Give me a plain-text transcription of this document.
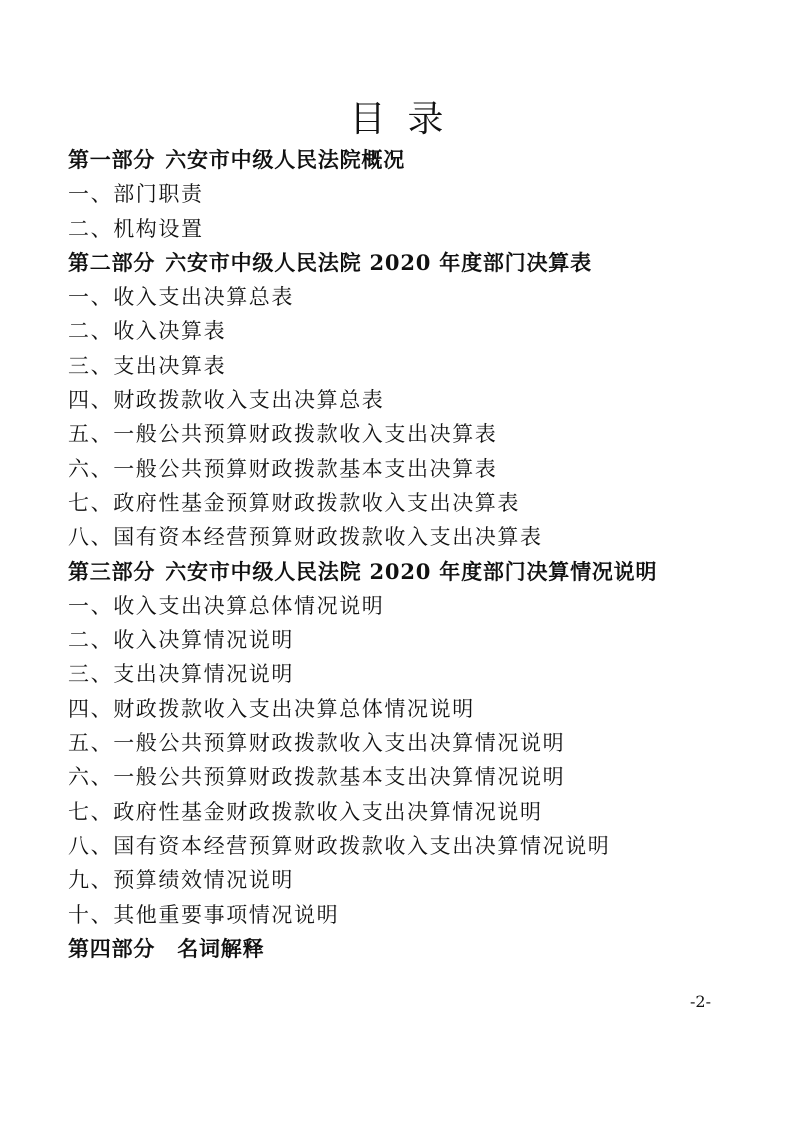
目录
第一部分 六安市中级人民法院概况
一、部门职责
二、机构设置
第二部分 六安市中级人民法院 2020 年度部门决算表
一、收入支出决算总表
二、收入决算表
三、支出决算表
四、财政拨款收入支出决算总表
五、一般公共预算财政拨款收入支出决算表
六、一般公共预算财政拨款基本支出决算表
七、政府性基金预算财政拨款收入支出决算表
八、国有资本经营预算财政拨款收入支出决算表
第三部分 六安市中级人民法院 2020 年度部门决算情况说明
一、收入支出决算总体情况说明
二、收入决算情况说明
三、支出决算情况说明
四、财政拨款收入支出决算总体情况说明
五、一般公共预算财政拨款收入支出决算情况说明
六、一般公共预算财政拨款基本支出决算情况说明
七、政府性基金财政拨款收入支出决算情况说明
八、国有资本经营预算财政拨款收入支出决算情况说明
九、预算绩效情况说明
十、其他重要事项情况说明
第四部分 名词解释
-2-
